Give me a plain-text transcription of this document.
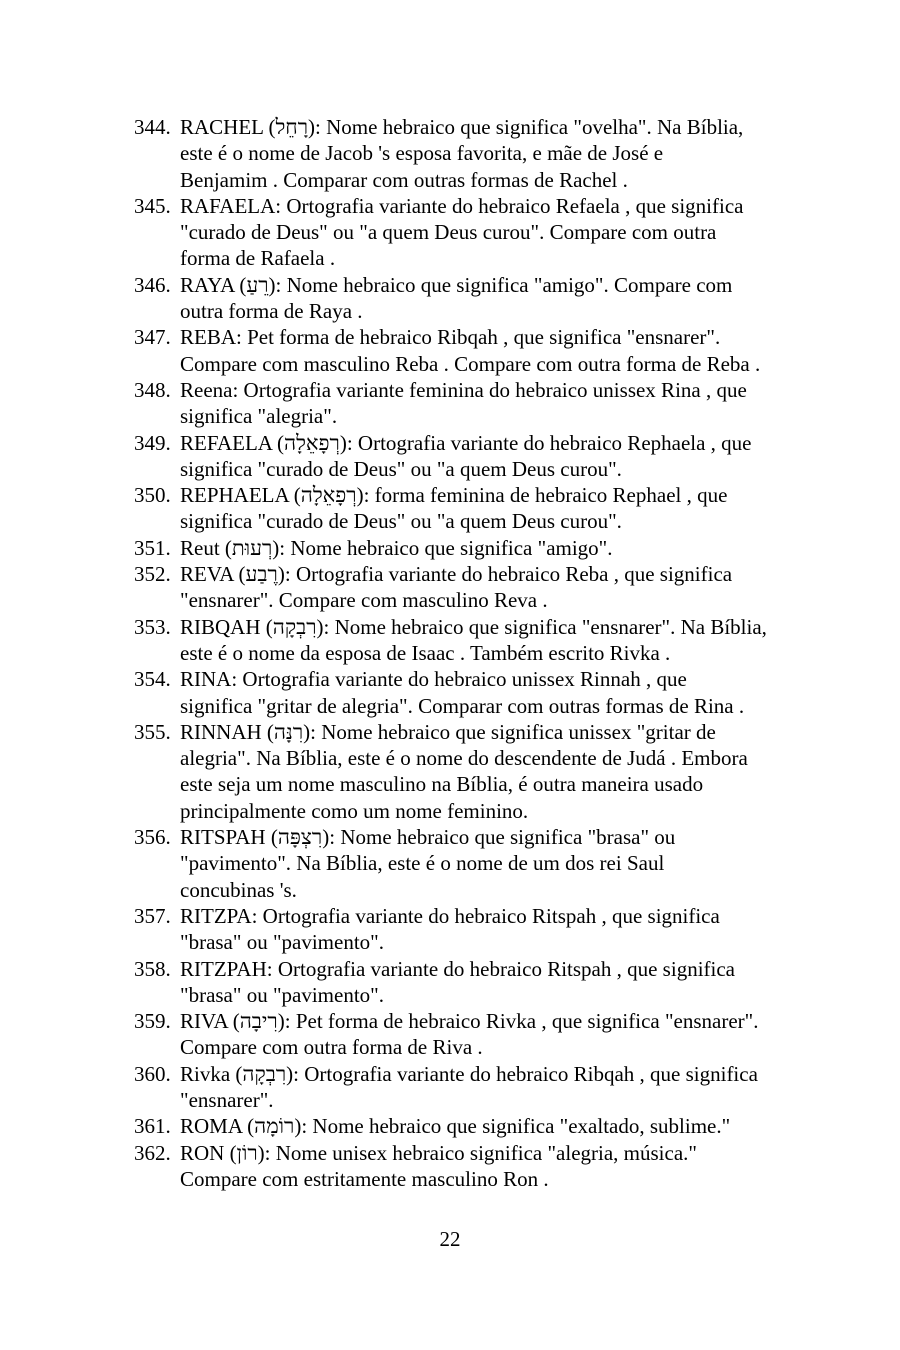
344. RACHEL (רָחֵל): Nome hebraico que significa "ovelha". Na Bíblia,
este é o nome de Jacob 's esposa favorita, e mãe de José e
Benjamim . Comparar com outras formas de Rachel .
345. RAFAELA: Ortografia variante do hebraico Refaela , que significa
"curado de Deus" ou "a quem Deus curou". Compare com outra
forma de Rafaela .
346. RAYA (רֵעַ): Nome hebraico que significa "amigo". Compare com
outra forma de Raya .
347. REBA: Pet forma de hebraico Ribqah , que significa "ensnarer".
Compare com masculino Reba . Compare com outra forma de Reba .
348. Reena: Ortografia variante feminina do hebraico unissex Rina , que
significa "alegria".
349. REFAELA (רְפָאֵלָה): Ortografia variante do hebraico Rephaela , que
significa "curado de Deus" ou "a quem Deus curou".
350. REPHAELA (רְפָאֵלָה): forma feminina de hebraico Rephael , que
significa "curado de Deus" ou "a quem Deus curou".
351. Reut (רְעוּת): Nome hebraico que significa "amigo".
352. REVA (רֶבַע): Ortografia variante do hebraico Reba , que significa
"ensnarer". Compare com masculino Reva .
353. RIBQAH (רִבְקָה): Nome hebraico que significa "ensnarer". Na Bíblia,
este é o nome da esposa de Isaac . Também escrito Rivka .
354. RINA: Ortografia variante do hebraico unissex Rinnah , que
significa "gritar de alegria". Comparar com outras formas de Rina .
355. RINNAH (רִנָּה): Nome hebraico que significa unissex "gritar de
alegria". Na Bíblia, este é o nome do descendente de Judá . Embora
este seja um nome masculino na Bíblia, é outra maneira usado
principalmente como um nome feminino.
356. RITSPAH (רִצְפָּה): Nome hebraico que significa "brasa" ou
"pavimento". Na Bíblia, este é o nome de um dos rei Saul
concubinas 's.
357. RITZPA: Ortografia variante do hebraico Ritspah , que significa
"brasa" ou "pavimento".
358. RITZPAH: Ortografia variante do hebraico Ritspah , que significa
"brasa" ou "pavimento".
359. RIVA (רִיבָה): Pet forma de hebraico Rivka , que significa "ensnarer".
Compare com outra forma de Riva .
360. Rivka (רִבְקָה): Ortografia variante do hebraico Ribqah , que significa
"ensnarer".
361. ROMA (רוֹמָה): Nome hebraico que significa "exaltado, sublime."
362. RON (רוֹן): Nome unisex hebraico significa "alegria, música."
Compare com estritamente masculino Ron .
22
